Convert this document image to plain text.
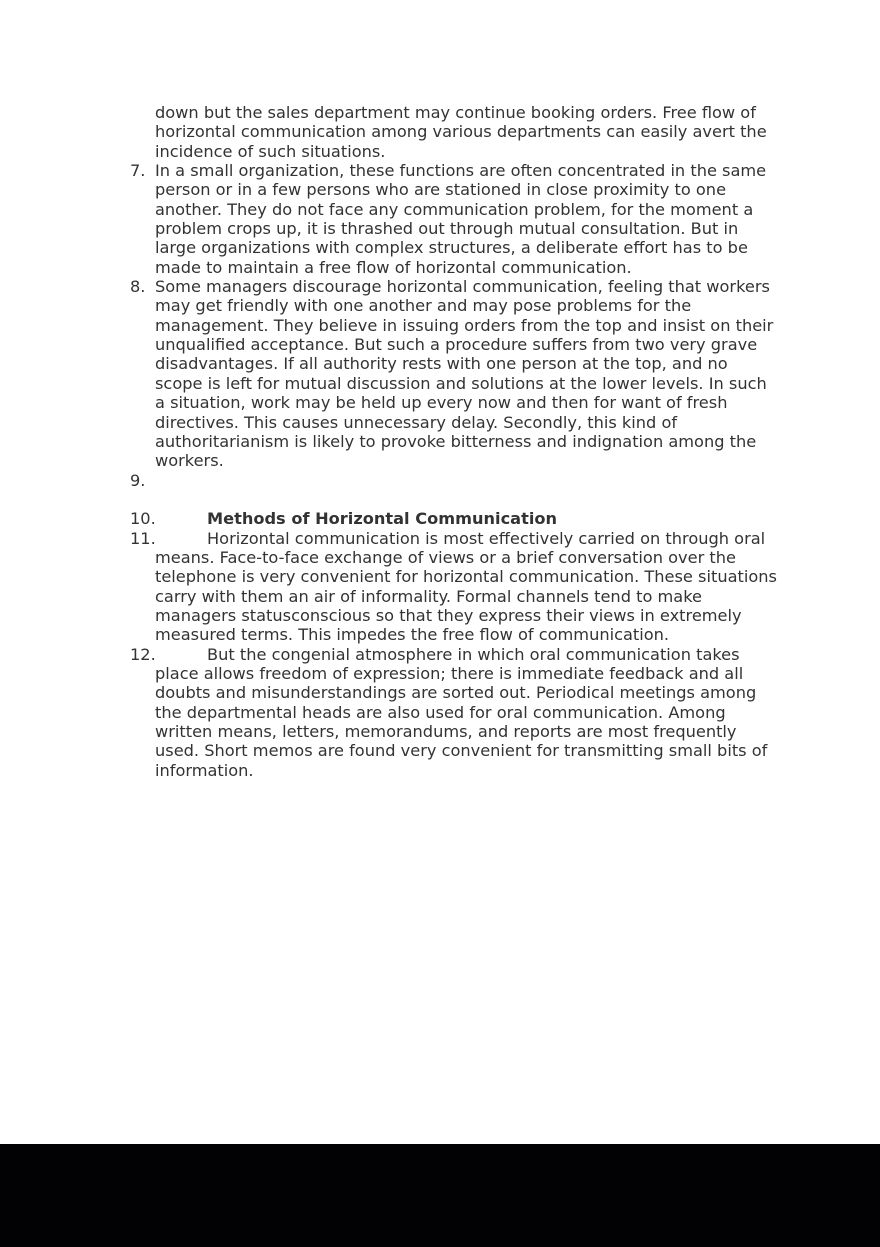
down but the sales department may continue booking orders. Free flow of horizontal communication among various departments can easily avert the incidence of such situations.
7. In a small organization, these functions are often concentrated in the same person or in a few persons who are stationed in close proximity to one another. They do not face any communication problem, for the moment a problem crops up, it is thrashed out through mutual consultation. But in large organizations with complex structures, a deliberate effort has to be made to maintain a free flow of horizontal communication.
8. Some managers discourage horizontal communication, feeling that workers may get friendly with one another and may pose problems for the management. They believe in issuing orders from the top and insist on their unqualified acceptance. But such a procedure suffers from two very grave disadvantages. If all authority rests with one person at the top, and no scope is left for mutual discussion and solutions at the lower levels. In such a situation, work may be held up every now and then for want of fresh directives. This causes unnecessary delay. Secondly, this kind of authoritarianism is likely to provoke bitterness and indignation among the workers.
9.
10.	Methods of Horizontal Communication
11.	Horizontal communication is most effectively carried on through oral means. Face-to-face exchange of views or a brief conversation over the telephone is very convenient for horizontal communication. These situations carry with them an air of informality. Formal channels tend to make managers statusconscious so that they express their views in extremely measured terms. This impedes the free flow of communication.
12.	But the congenial atmosphere in which oral communication takes place allows freedom of expression; there is immediate feedback and all doubts and misunderstandings are sorted out. Periodical meetings among the departmental heads are also used for oral communication. Among written means, letters, memorandums, and reports are most frequently used. Short memos are found very convenient for transmitting small bits of information.
